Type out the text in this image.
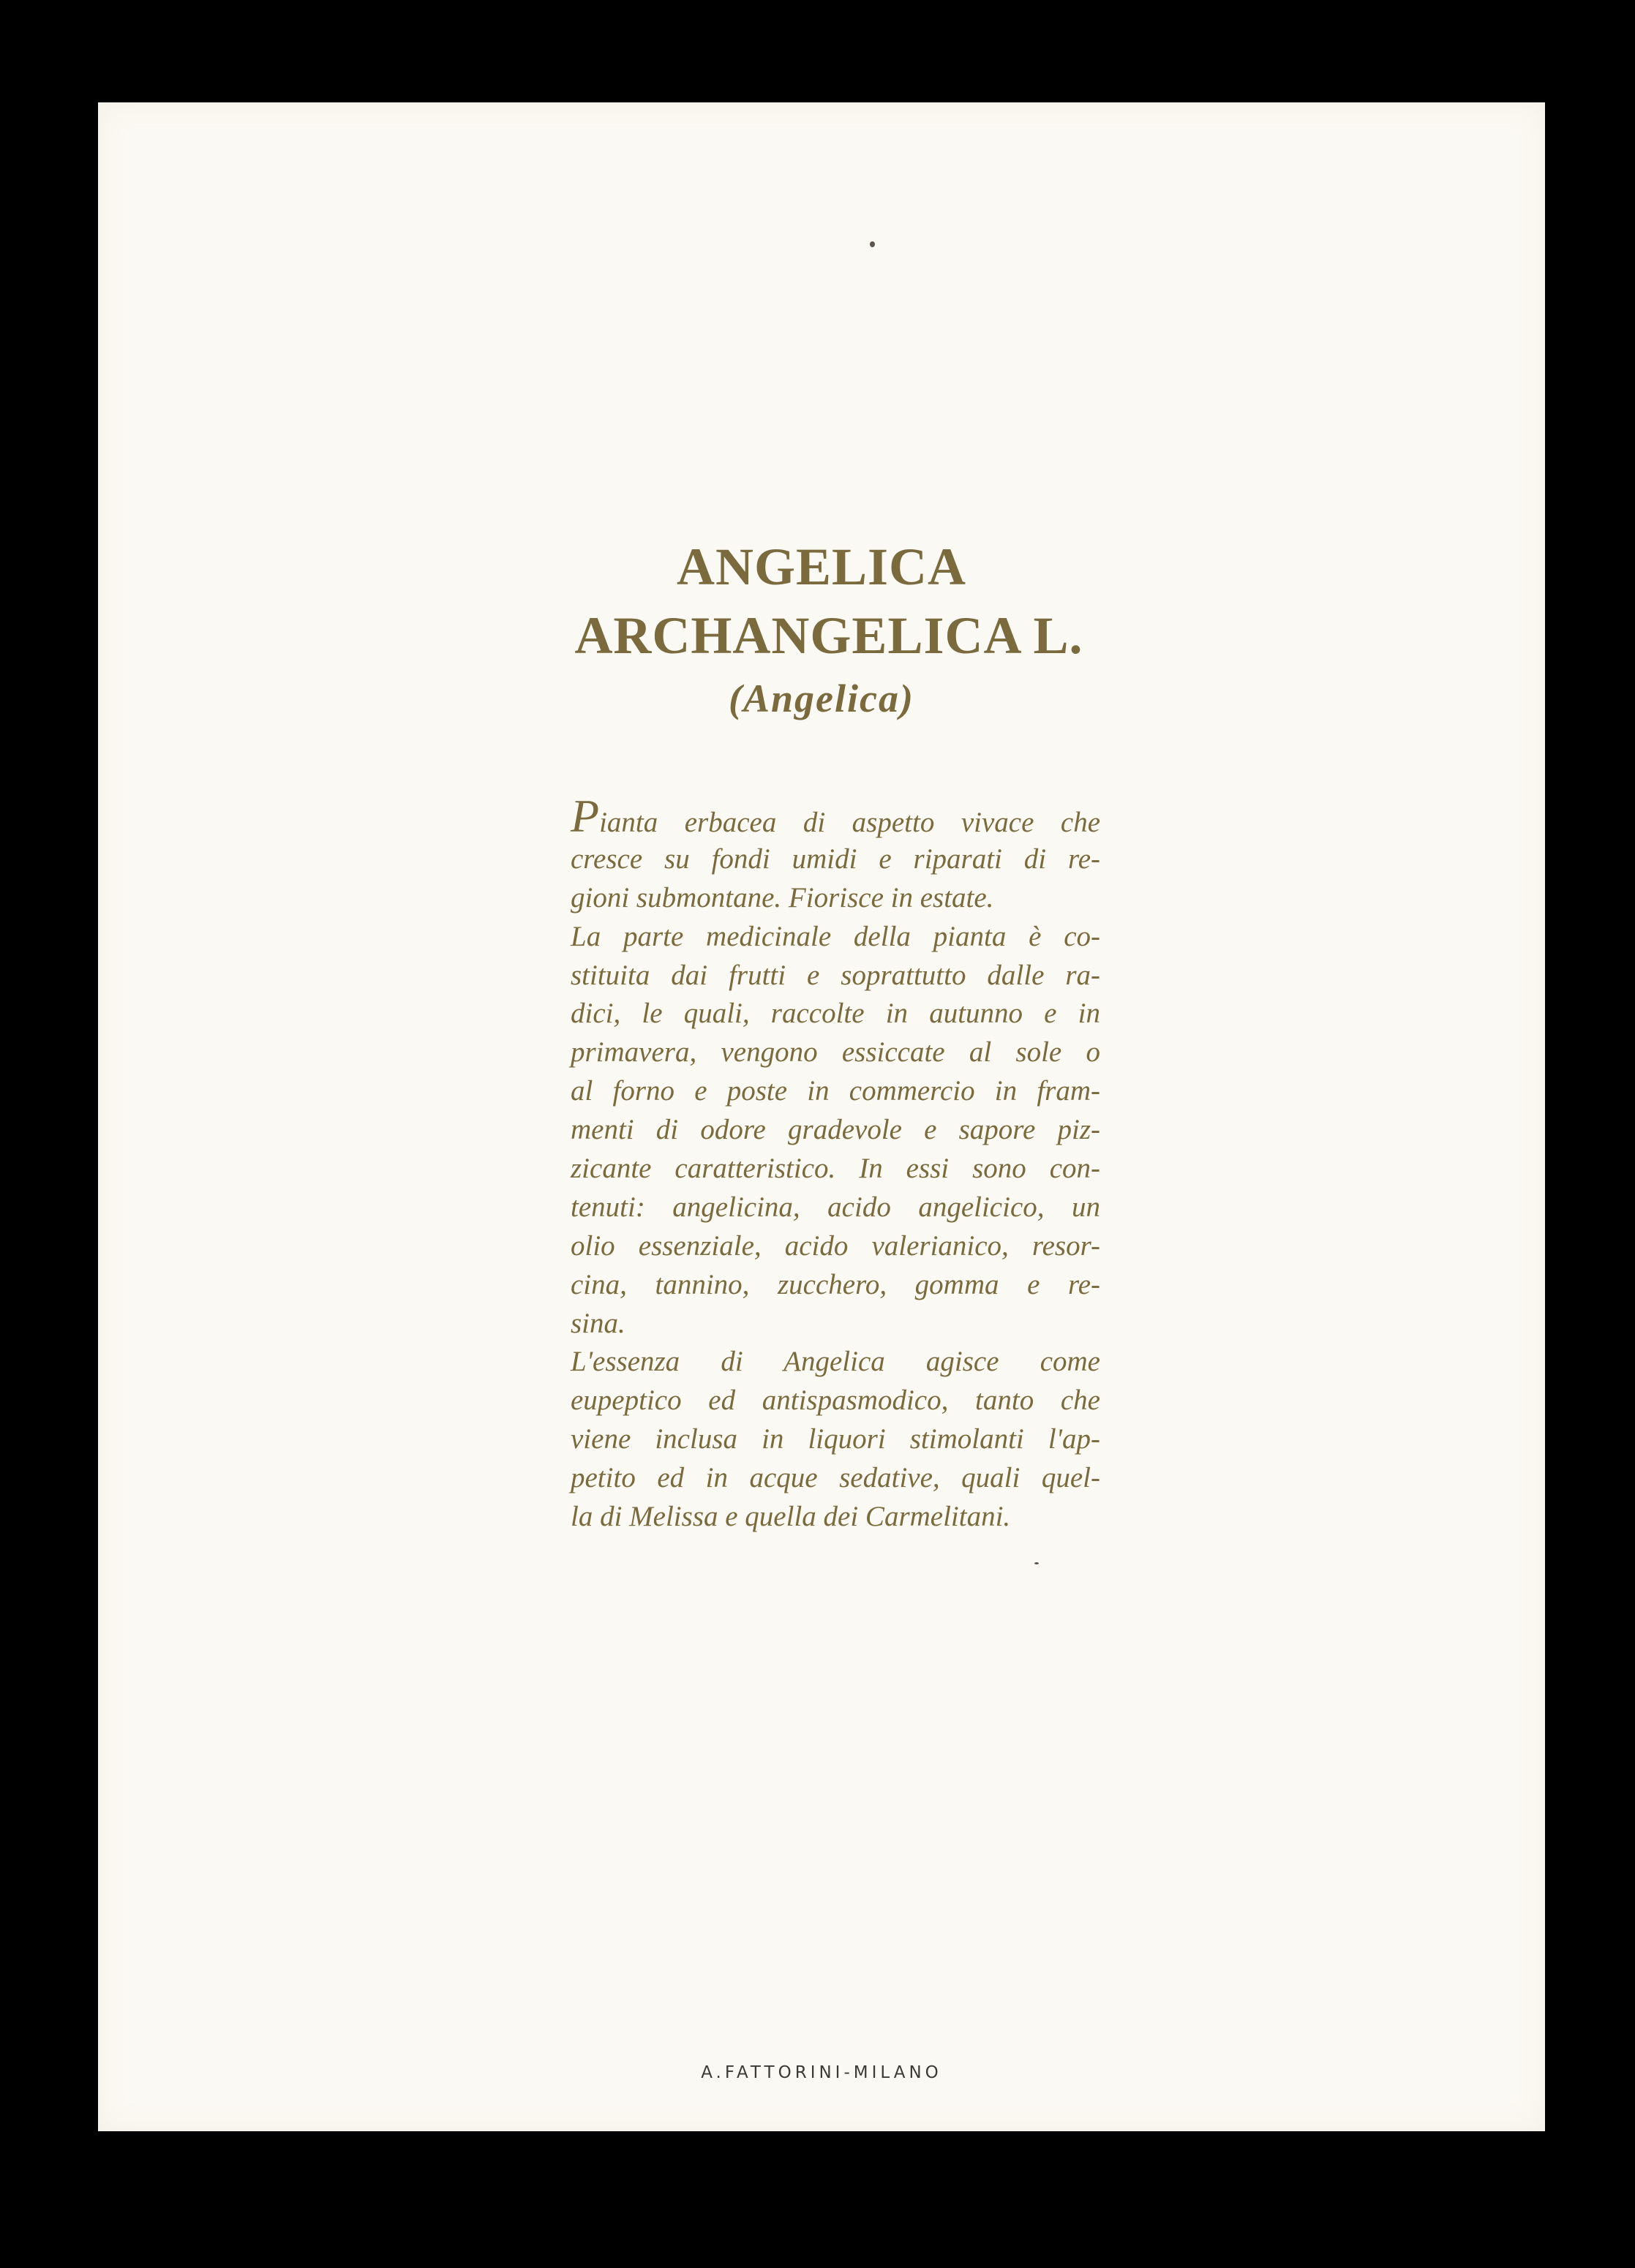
ANGELICA
ARCHANGELICA L.
(Angelica)
Pianta erbacea di aspetto vivace che
cresce su fondi umidi e riparati di re-
gioni submontane. Fiorisce in estate.
La parte medicinale della pianta è co-
stituita dai frutti e soprattutto dalle ra-
dici, le quali, raccolte in autunno e in
primavera, vengono essiccate al sole o
al forno e poste in commercio in fram-
menti di odore gradevole e sapore piz-
zicante caratteristico. In essi sono con-
tenuti: angelicina, acido angelicico, un
olio essenziale, acido valerianico, resor-
cina, tannino, zucchero, gomma e re-
sina.
L'essenza di Angelica agisce come
eupeptico ed antispasmodico, tanto che
viene inclusa in liquori stimolanti l'ap-
petito ed in acque sedative, quali quel-
la di Melissa e quella dei Carmelitani.
A.FATTORINI-MILANO
